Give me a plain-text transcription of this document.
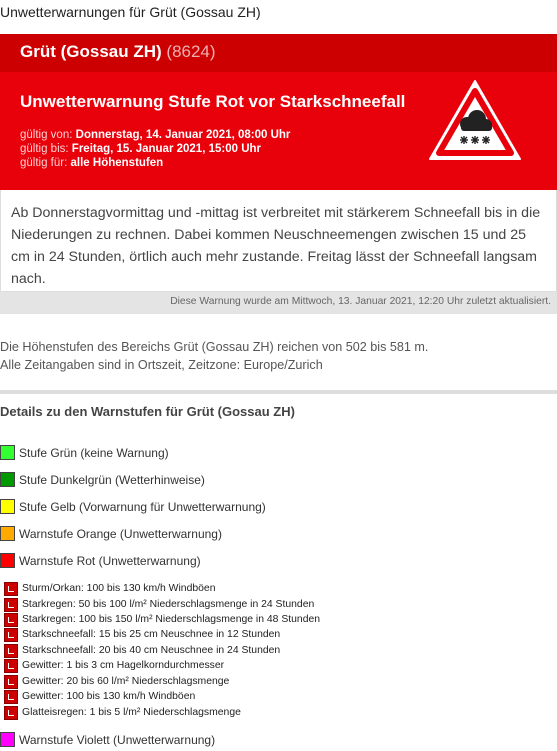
Unwetterwarnungen für Grüt (Gossau ZH)
Grüt (Gossau ZH) (8624)
Unwetterwarnung Stufe Rot vor Starkschneefall
gültig von: Donnerstag, 14. Januar 2021, 08:00 Uhr
gültig bis: Freitag, 15. Januar 2021, 15:00 Uhr
gültig für: alle Höhenstufen
Ab Donnerstagvormittag und -mittag ist verbreitet mit stärkerem Schneefall bis in die Niederungen zu rechnen. Dabei kommen Neuschneemengen zwischen 15 und 25 cm in 24 Stunden, örtlich auch mehr zustande. Freitag lässt der Schneefall langsam nach.
Diese Warnung wurde am Mittwoch, 13. Januar 2021, 12:20 Uhr zuletzt aktualisiert.
Die Höhenstufen des Bereichs Grüt (Gossau ZH) reichen von 502 bis 581 m.
Alle Zeitangaben sind in Ortszeit, Zeitzone: Europe/Zurich
Details zu den Warnstufen für Grüt (Gossau ZH)
Stufe Grün (keine Warnung)
Stufe Dunkelgrün (Wetterhinweise)
Stufe Gelb (Vorwarnung für Unwetterwarnung)
Warnstufe Orange (Unwetterwarnung)
Warnstufe Rot (Unwetterwarnung)
Sturm/Orkan: 100 bis 130 km/h Windböen
Starkregen: 50 bis 100 l/m² Niederschlagsmenge in 24 Stunden
Starkregen: 100 bis 150 l/m² Niederschlagsmenge in 48 Stunden
Starkschneefall: 15 bis 25 cm Neuschnee in 12 Stunden
Starkschneefall: 20 bis 40 cm Neuschnee in 24 Stunden
Gewitter: 1 bis 3 cm Hagelkorndurchmesser
Gewitter: 20 bis 60 l/m² Niederschlagsmenge
Gewitter: 100 bis 130 km/h Windböen
Glatteisregen: 1 bis 5 l/m² Niederschlagsmenge
Warnstufe Violett (Unwetterwarnung)
